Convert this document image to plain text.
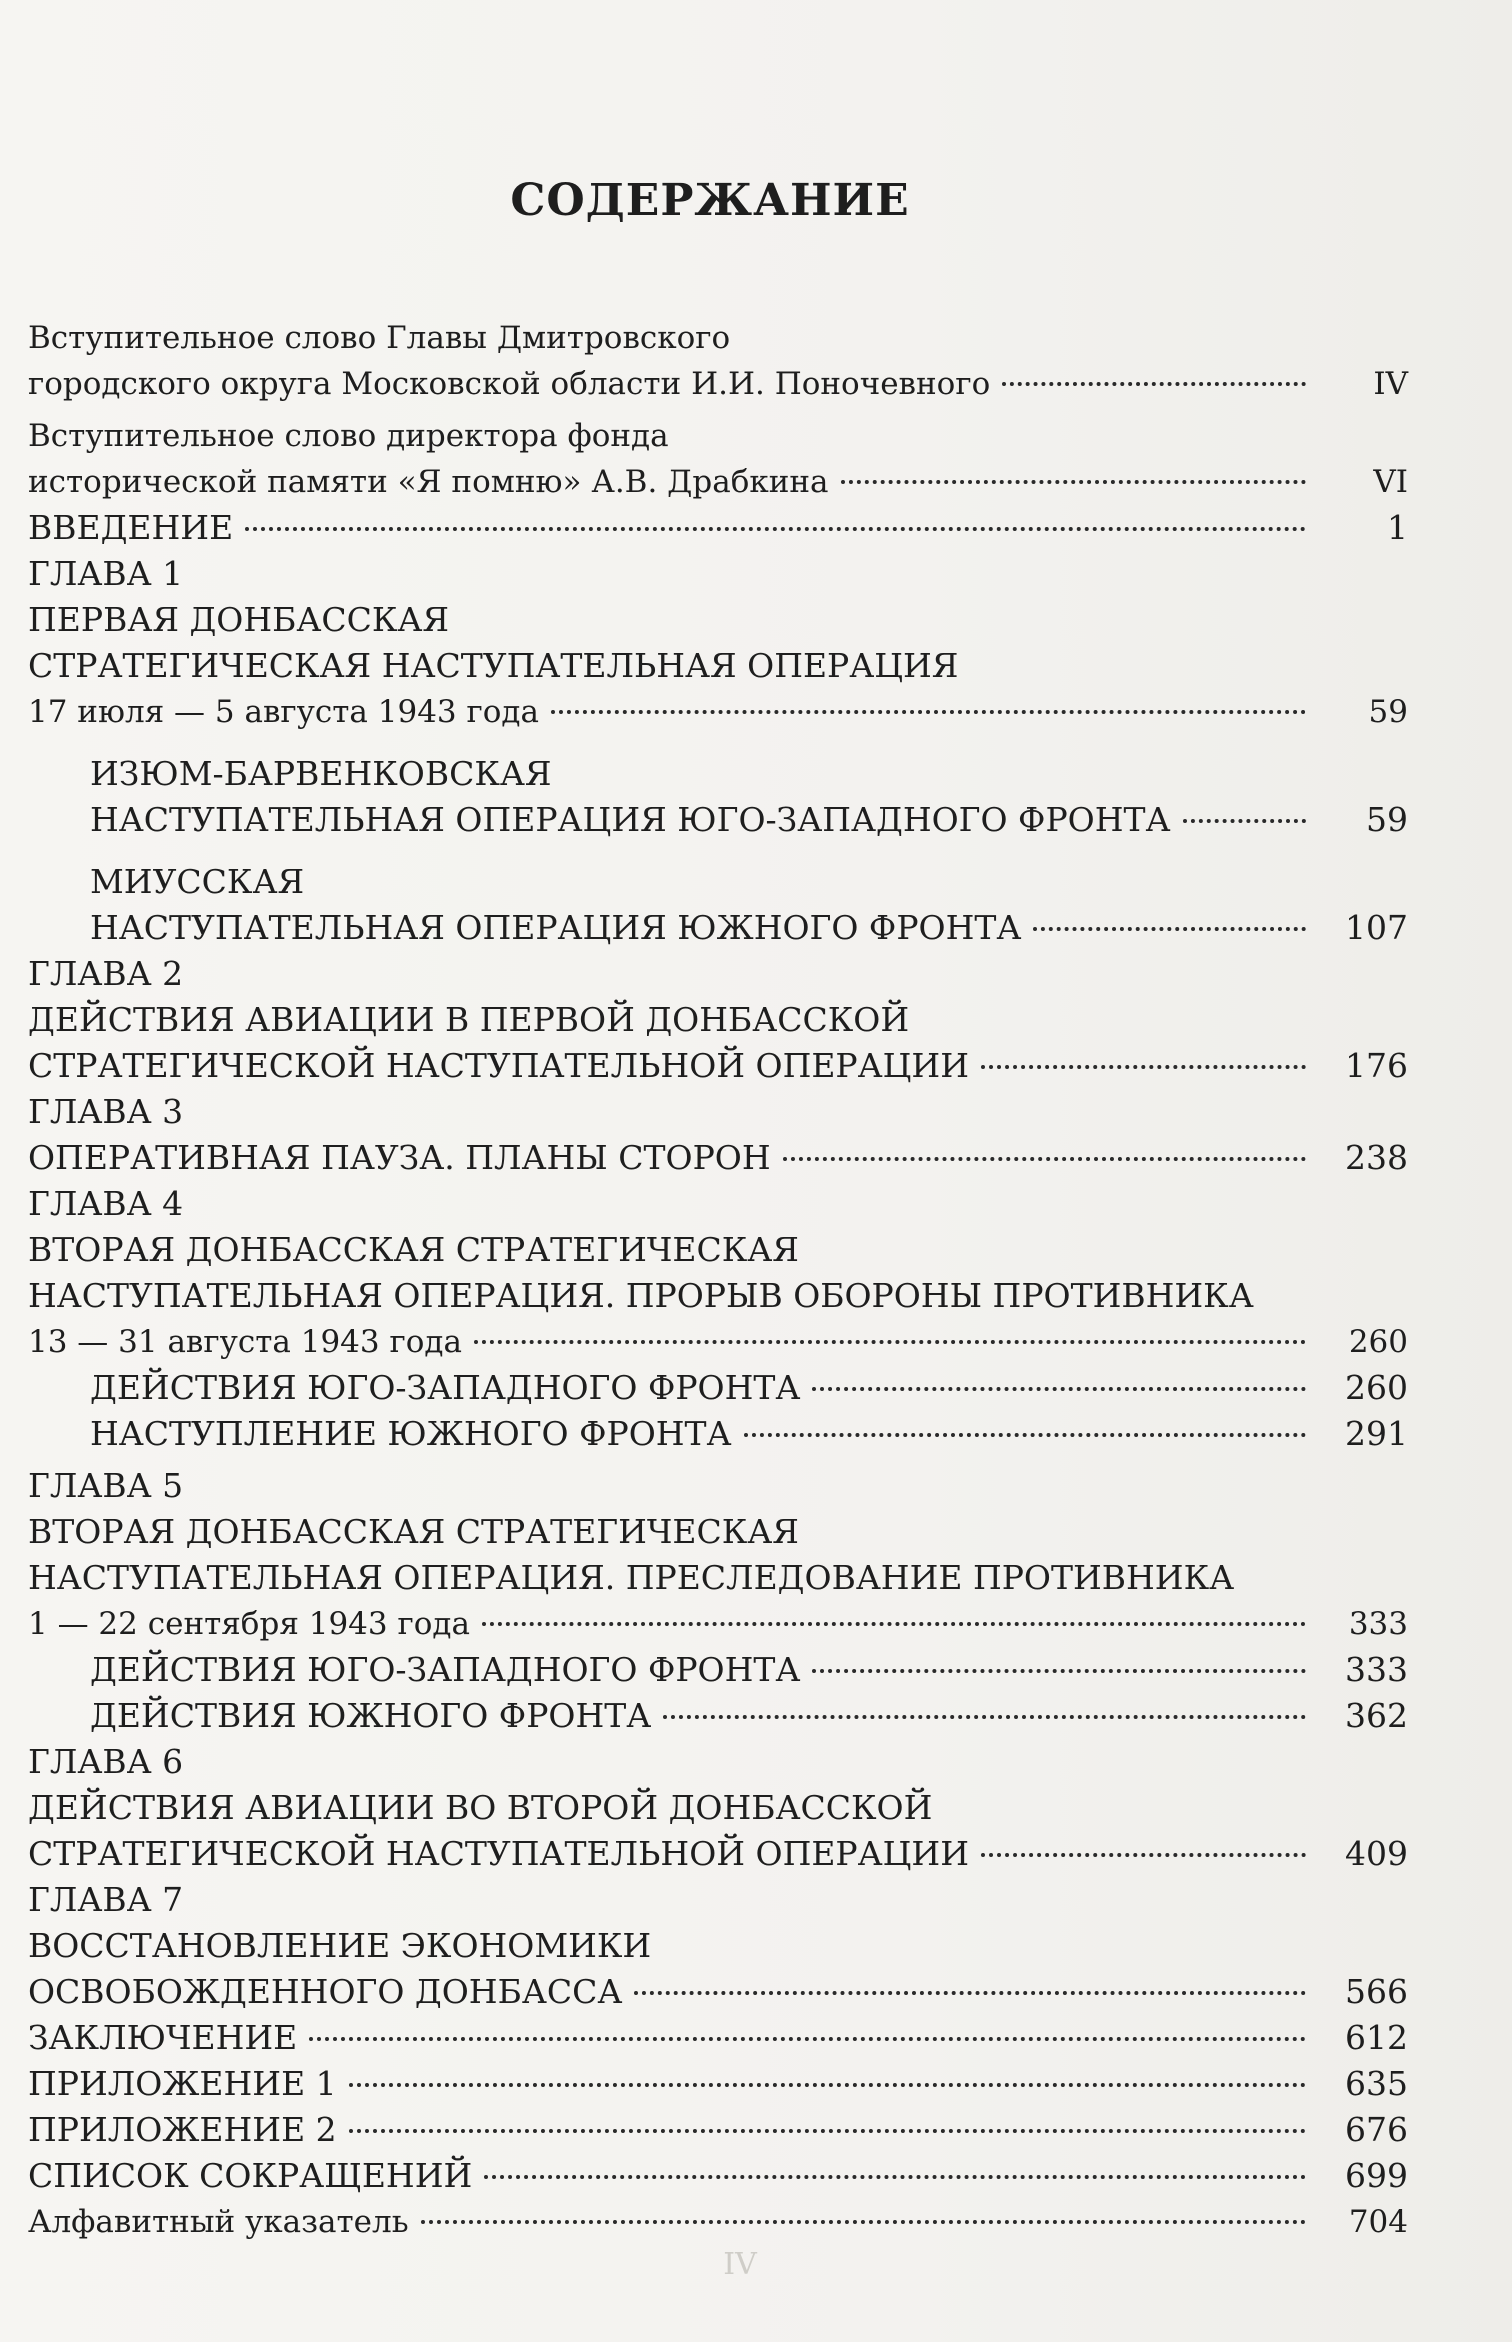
СОДЕРЖАНИЕ
Вступительное слово Главы Дмитровского
городского округа Московской области И.И. Поночевного	IV
Вступительное слово директора фонда
исторической памяти «Я помню» А.В. Драбкина	VI
ВВЕДЕНИЕ	1
ГЛАВА 1
ПЕРВАЯ ДОНБАССКАЯ
СТРАТЕГИЧЕСКАЯ НАСТУПАТЕЛЬНАЯ ОПЕРАЦИЯ
17 июля — 5 августа 1943 года	59
ИЗЮМ-БАРВЕНКОВСКАЯ
НАСТУПАТЕЛЬНАЯ ОПЕРАЦИЯ ЮГО-ЗАПАДНОГО ФРОНТА	59
МИУССКАЯ
НАСТУПАТЕЛЬНАЯ ОПЕРАЦИЯ ЮЖНОГО ФРОНТА	107
ГЛАВА 2
ДЕЙСТВИЯ АВИАЦИИ В ПЕРВОЙ ДОНБАССКОЙ
СТРАТЕГИЧЕСКОЙ НАСТУПАТЕЛЬНОЙ ОПЕРАЦИИ	176
ГЛАВА 3
ОПЕРАТИВНАЯ ПАУЗА. ПЛАНЫ СТОРОН	238
ГЛАВА 4
ВТОРАЯ ДОНБАССКАЯ СТРАТЕГИЧЕСКАЯ
НАСТУПАТЕЛЬНАЯ ОПЕРАЦИЯ. ПРОРЫВ ОБОРОНЫ ПРОТИВНИКА
13 — 31 августа 1943 года	260
ДЕЙСТВИЯ ЮГО-ЗАПАДНОГО ФРОНТА	260
НАСТУПЛЕНИЕ ЮЖНОГО ФРОНТА	291
ГЛАВА 5
ВТОРАЯ ДОНБАССКАЯ СТРАТЕГИЧЕСКАЯ
НАСТУПАТЕЛЬНАЯ ОПЕРАЦИЯ. ПРЕСЛЕДОВАНИЕ ПРОТИВНИКА
1 — 22 сентября 1943 года	333
ДЕЙСТВИЯ ЮГО-ЗАПАДНОГО ФРОНТА	333
ДЕЙСТВИЯ ЮЖНОГО ФРОНТА	362
ГЛАВА 6
ДЕЙСТВИЯ АВИАЦИИ ВО ВТОРОЙ ДОНБАССКОЙ
СТРАТЕГИЧЕСКОЙ НАСТУПАТЕЛЬНОЙ ОПЕРАЦИИ	409
ГЛАВА 7
ВОССТАНОВЛЕНИЕ ЭКОНОМИКИ
ОСВОБОЖДЕННОГО ДОНБАССА	566
ЗАКЛЮЧЕНИЕ	612
ПРИЛОЖЕНИЕ 1	635
ПРИЛОЖЕНИЕ 2	676
СПИСОК СОКРАЩЕНИЙ	699
Алфавитный указатель	704
IV
